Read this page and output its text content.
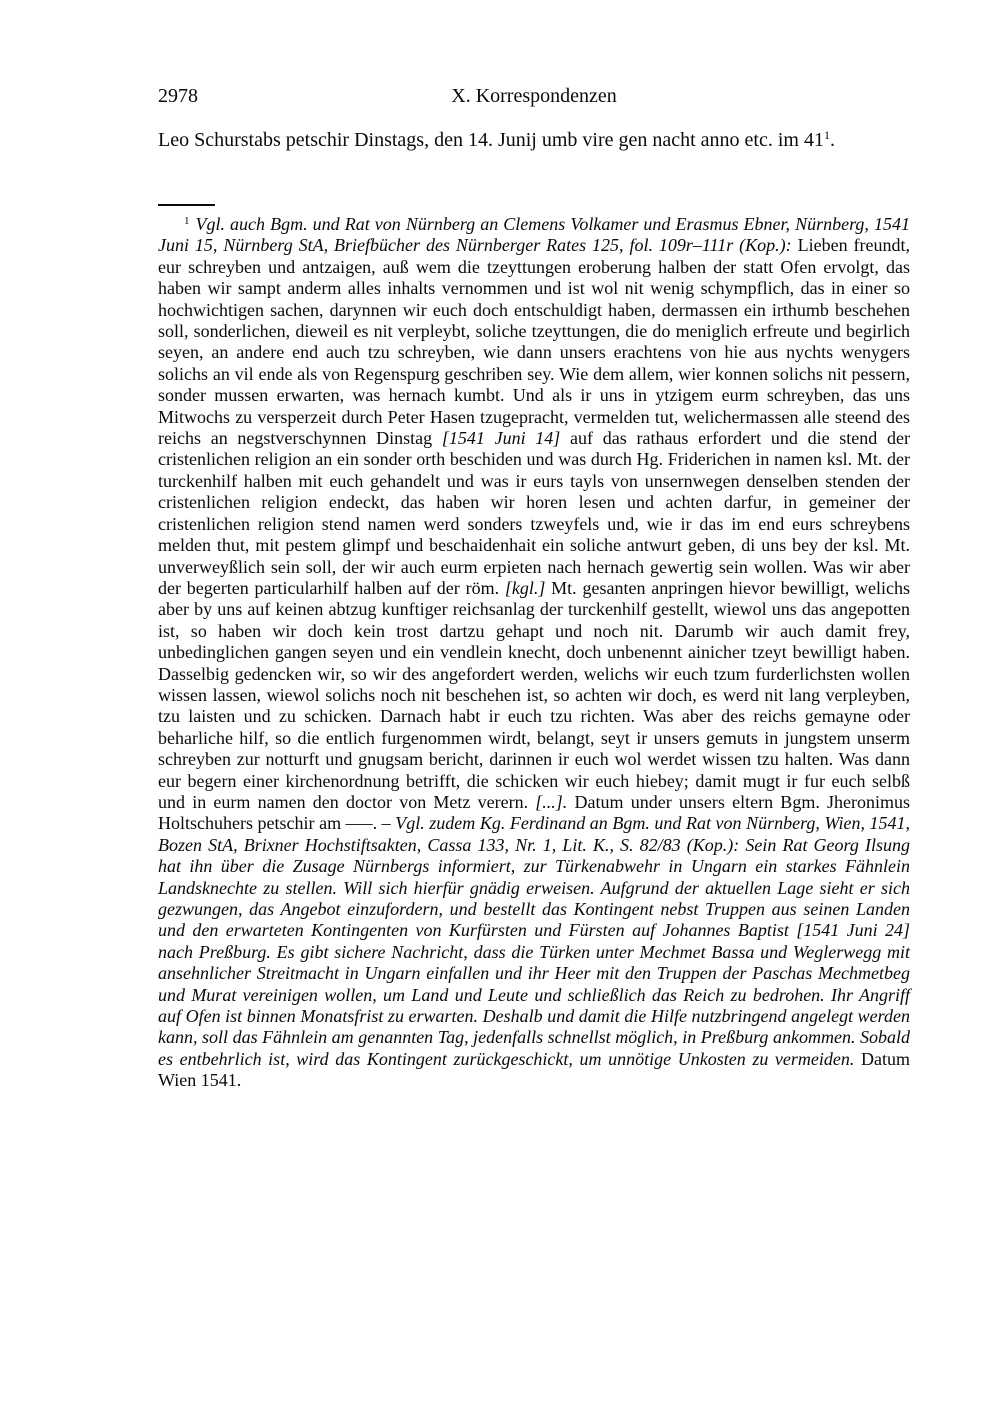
2978	X. Korrespondenzen

Leo Schurstabs petschir Dinstags, den 14. Junij umb vire gen nacht anno etc. im $41^1$.

$^1$ Vgl. auch Bgm. und Rat von Nürnberg an Clemens Volkamer und Erasmus Ebner, Nürnberg, 1541 Juni 15, Nürnberg StA, Briefbücher des Nürnberger Rates 125, fol. 109r–111r (Kop.): Lieben freundt, eur schreyben und antzaigen, auß wem die tzeyttungen eroberung halben der statt Ofen ervolgt, das haben wir sampt anderm alles inhalts vernommen und ist wol nit wenig schympflich, das in einer so hochwichtigen sachen, darynnen wir euch doch entschuldigt haben, dermassen ein irthumb beschehen soll, sonderlichen, dieweil es nit verpleybt, soliche tzeyttungen, die do meniglich erfreute und begirlich seyen, an andere end auch tzu schreyben, wie dann unsers erachtens von hie aus nychts wenygers solichs an vil ende als von Regenspurg geschriben sey. Wie dem allem, wier konnen solichs nit pessern, sonder mussen erwarten, was hernach kumbt. Und als ir uns in ytzigem eurm schreyben, das uns Mitwochs zu versperzeit durch Peter Hasen tzugepracht, vermelden tut, welichermassen alle steend des reichs an negstverschynnen Dinstag [1541 Juni 14] auf das rathaus erfordert und die stend der cristenlichen religion an ein sonder orth beschiden und was durch Hg. Friderichen in namen ksl. Mt. der turckenhilf halben mit euch gehandelt und was ir eurs tayls von unsernwegen denselben stenden der cristenlichen religion endeckt, das haben wir horen lesen und achten darfur, in gemeiner der cristenlichen religion stend namen werd sonders tzweyfels und, wie ir das im end eurs schreybens melden thut, mit pestem glimpf und beschaidenhait ein soliche antwurt geben, di uns bey der ksl. Mt. unverweyßlich sein soll, der wir auch eurm erpieten nach hernach gewertig sein wollen. Was wir aber der begerten particularhilf halben auf der röm. [kgl.] Mt. gesanten anpringen hievor bewilligt, welichs aber by uns auf keinen abtzug kunftiger reichsanlag der turckenhilf gestellt, wiewol uns das angepotten ist, so haben wir doch kein trost dartzu gehapt und noch nit. Darumb wir auch damit frey, unbedinglichen gangen seyen und ein vendlein knecht, doch unbenennt ainicher tzeyt bewilligt haben. Dasselbig gedencken wir, so wir des angefordert werden, welichs wir euch tzum furderlichsten wollen wissen lassen, wiewol solichs noch nit beschehen ist, so achten wir doch, es werd nit lang verpleyben, tzu laisten und zu schicken. Darnach habt ir euch tzu richten. Was aber des reichs gemayne oder beharliche hilf, so die entlich furgenommen wirdt, belangt, seyt ir unsers gemuts in jungstem unserm schreyben zur notturft und gnugsam bericht, darinnen ir euch wol werdet wissen tzu halten. Was dann eur begern einer kirchenordnung betrifft, die schicken wir euch hiebey; damit mugt ir fur euch selbß und in eurm namen den doctor von Metz verern. [...]. Datum under unsers eltern Bgm. Jheronimus Holtschuhers petschir am –––. – Vgl. zudem Kg. Ferdinand an Bgm. und Rat von Nürnberg, Wien, 1541, Bozen StA, Brixner Hochstiftsakten, Cassa 133, Nr. 1, Lit. K., S. 82/83 (Kop.): Sein Rat Georg Ilsung hat ihn über die Zusage Nürnbergs informiert, zur Türkenabwehr in Ungarn ein starkes Fähnlein Landsknechte zu stellen. Will sich hierfür gnädig erweisen. Aufgrund der aktuellen Lage sieht er sich gezwungen, das Angebot einzufordern, und bestellt das Kontingent nebst Truppen aus seinen Landen und den erwarteten Kontingenten von Kurfürsten und Fürsten auf Johannes Baptist [1541 Juni 24] nach Preßburg. Es gibt sichere Nachricht, dass die Türken unter Mechmet Bassa und Weglerwegg mit ansehnlicher Streitmacht in Ungarn einfallen und ihr Heer mit den Truppen der Paschas Mechmetbeg und Murat vereinigen wollen, um Land und Leute und schließlich das Reich zu bedrohen. Ihr Angriff auf Ofen ist binnen Monatsfrist zu erwarten. Deshalb und damit die Hilfe nutzbringend angelegt werden kann, soll das Fähnlein am genannten Tag, jedenfalls schnellst möglich, in Preßburg ankommen. Sobald es entbehrlich ist, wird das Kontingent zurückgeschickt, um unnötige Unkosten zu vermeiden. Datum Wien 1541.
